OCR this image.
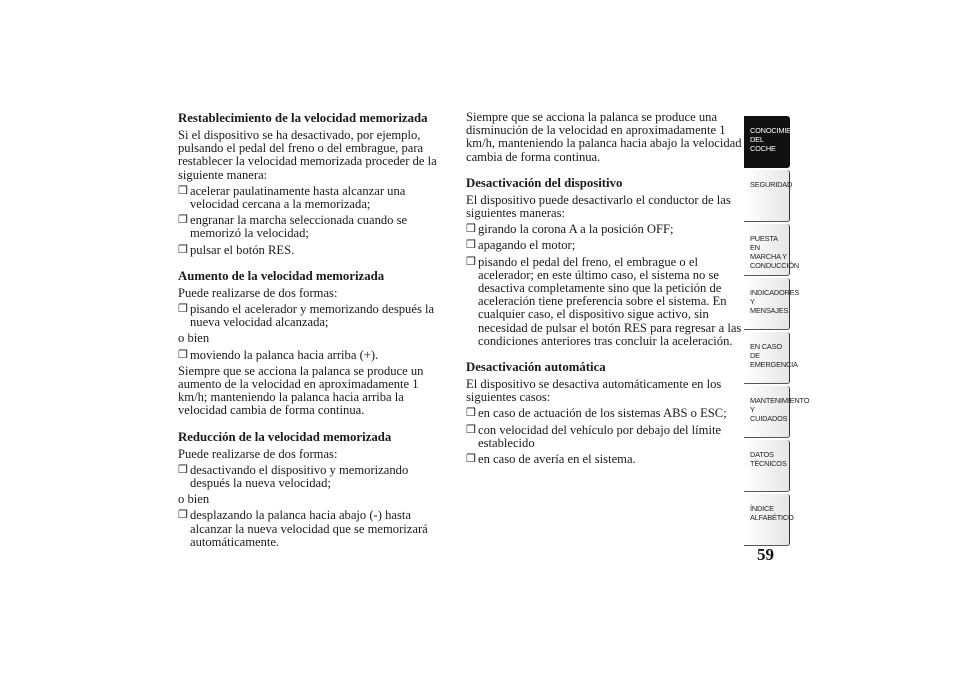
Restablecimiento de la velocidad memorizada

Si el dispositivo se ha desactivado, por ejemplo, pulsando el pedal del freno o del embrague, para restablecer la velocidad memorizada proceder de la siguiente manera:

❒ acelerar paulatinamente hasta alcanzar una velocidad cercana a la memorizada;
❒ engranar la marcha seleccionada cuando se memorizó la velocidad;
❒ pulsar el botón RES.
Aumento de la velocidad memorizada

Puede realizarse de dos formas:

❒ pisando el acelerador y memorizando después la nueva velocidad alcanzada;

o bien

❒ moviendo la palanca hacia arriba (+).

Siempre que se acciona la palanca se produce un aumento de la velocidad en aproximadamente 1 km/h; manteniendo la palanca hacia arriba la velocidad cambia de forma continua.

Reducción de la velocidad memorizada

Puede realizarse de dos formas:

❒ desactivando el dispositivo y memorizando después la nueva velocidad;

o bien

❒ desplazando la palanca hacia abajo (-) hasta alcanzar la nueva velocidad que se memorizará automáticamente.

Siempre que se acciona la palanca se produce una disminución de la velocidad en aproximadamente 1 km/h, manteniendo la palanca hacia abajo la velocidad cambia de forma continua.

Desactivación del dispositivo

El dispositivo puede desactivarlo el conductor de las siguientes maneras:

❒ girando la corona A a la posición OFF;
❒ apagando el motor;
❒ pisando el pedal del freno, el embrague o el acelerador; en este último caso, el sistema no se desactiva completamente sino que la petición de aceleración tiene preferencia sobre el sistema. En cualquier caso, el dispositivo sigue activo, sin necesidad de pulsar el botón RES para regresar a las condiciones anteriores tras concluir la aceleración.
Desactivación automática

El dispositivo se desactiva automáticamente en los siguientes casos:

❒ en caso de actuación de los sistemas ABS o ESC;
❒ con velocidad del vehículo por debajo del límite establecido
❒ en caso de avería en el sistema.
CONOCIMIENTO DEL COCHE
SEGURIDAD
PUESTA EN MARCHA Y CONDUCCIÓN
INDICADORES Y MENSAJES
EN CASO DE EMERGENCIA
MANTENIMIENTO Y CUIDADOS
DATOS TÉCNICOS
ÍNDICE ALFABÉTICO
59
